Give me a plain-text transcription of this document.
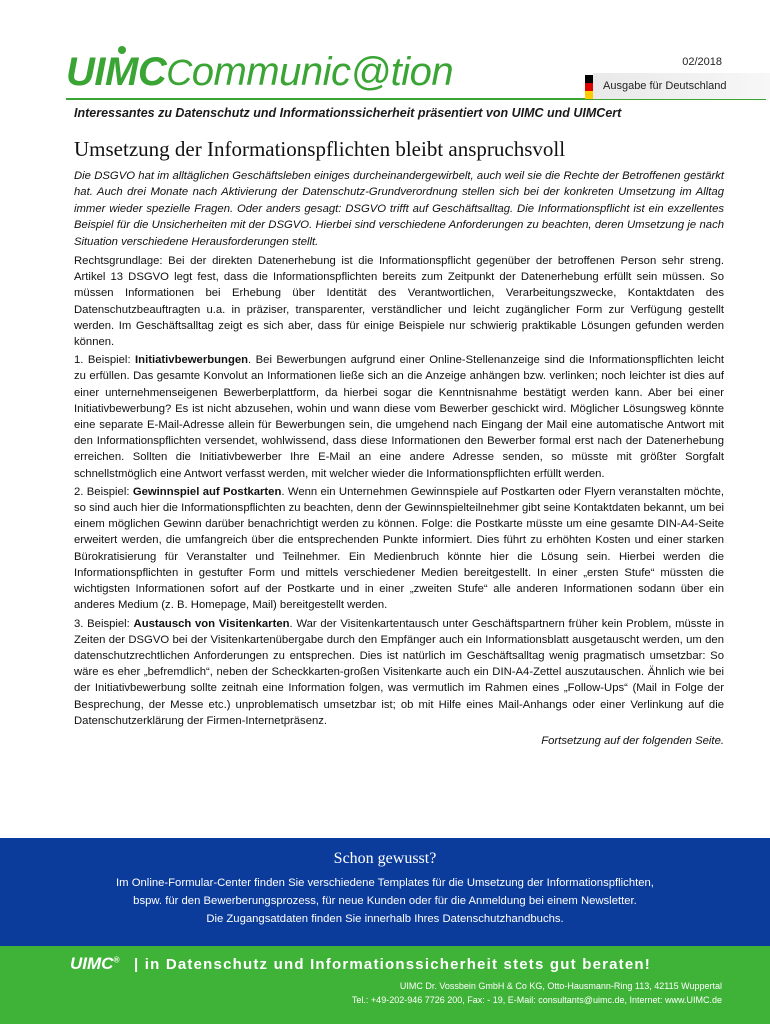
UIMCCommunic@tion	02/2018
Ausgabe für Deutschland
Interessantes zu Datenschutz und Informationssicherheit präsentiert von UIMC und UIMCert
Umsetzung der Informationspflichten bleibt anspruchsvoll
Die DSGVO hat im alltäglichen Geschäftsleben einiges durcheinandergewirbelt, auch weil sie die Rechte der Betroffenen gestärkt hat. Auch drei Monate nach Aktivierung der Datenschutz-Grundverordnung stellen sich bei der konkreten Umsetzung im Alltag immer wieder spezielle Fragen. Oder anders gesagt: DSGVO trifft auf Geschäftsalltag. Die Informationspflicht ist ein exzellentes Beispiel für die Unsicherheiten mit der DSGVO. Hierbei sind verschiedene Anforderungen zu beachten, deren Umsetzung je nach Situation verschiedene Herausforderungen stellt.

Rechtsgrundlage: Bei der direkten Datenerhebung ist die Informationspflicht gegenüber der betroffenen Person sehr streng. Artikel 13 DSGVO legt fest, dass die Informationspflichten bereits zum Zeitpunkt der Datenerhebung erfüllt sein müssen. So müssen Informationen bei Erhebung über Identität des Verantwortlichen, Verarbeitungszwecke, Kontaktdaten des Datenschutzbeauftragten u.a. in präziser, transparenter, verständlicher und leicht zugänglicher Form zur Verfügung gestellt werden. Im Geschäftsalltag zeigt es sich aber, dass für einige Beispiele nur schwierig praktikable Lösungen gefunden werden können.

1. Beispiel: Initiativbewerbungen. Bei Bewerbungen aufgrund einer Online-Stellenanzeige sind die Informationspflichten leicht zu erfüllen. Das gesamte Konvolut an Informationen ließe sich an die Anzeige anhängen bzw. verlinken; noch leichter ist dies auf einer unternehmenseigenen Bewerberplattform, da hierbei sogar die Kenntnisnahme bestätigt werden kann. Aber bei einer Initiativbewerbung? Es ist nicht abzusehen, wohin und wann diese vom Bewerber geschickt wird. Möglicher Lösungsweg könnte eine separate E-Mail-Adresse allein für Bewerbungen sein, die umgehend nach Eingang der Mail eine automatische Antwort mit den Informationspflichten versendet, wohlwissend, dass diese Informationen den Bewerber formal erst nach der Datenerhebung erreichen. Sollten die Initiativbewerber Ihre E-Mail an eine andere Adresse senden, so müsste mit größter Sorgfalt schnellstmöglich eine Antwort verfasst werden, mit welcher wieder die Informationspflichten erfüllt werden.

2. Beispiel: Gewinnspiel auf Postkarten. Wenn ein Unternehmen Gewinnspiele auf Postkarten oder Flyern veranstalten möchte, so sind auch hier die Informationspflichten zu beachten, denn der Gewinnspielteilnehmer gibt seine Kontaktdaten bekannt, um bei einem möglichen Gewinn darüber benachrichtigt werden zu können. Folge: die Postkarte müsste um eine gesamte DIN-A4-Seite erweitert werden, die umfangreich über die entsprechenden Punkte informiert. Dies führt zu erhöhten Kosten und einer starken Bürokratisierung für Veranstalter und Teilnehmer. Ein Medienbruch könnte hier die Lösung sein. Hierbei werden die Informationspflichten in gestufter Form und mittels verschiedener Medien bereitgestellt. In einer „ersten Stufe“ müssten die wichtigsten Informationen sofort auf der Postkarte und in einer „zweiten Stufe“ alle anderen Informationen sodann über ein anderes Medium (z. B. Homepage, Mail) bereitgestellt werden.

3. Beispiel: Austausch von Visitenkarten. War der Visitenkartentausch unter Geschäftspartnern früher kein Problem, müsste in Zeiten der DSGVO bei der Visitenkartenübergabe durch den Empfänger auch ein Informationsblatt ausgetauscht werden, um den datenschutzrechtlichen Anforderungen zu entsprechen. Dies ist natürlich im Geschäftsalltag wenig pragmatisch umsetzbar: So wäre es eher „befremdlich“, neben der Scheckkarten-großen Visitenkarte auch ein DIN-A4-Zettel auszutauschen. Ähnlich wie bei der Initiativbewerbung sollte zeitnah eine Information folgen, was vermutlich im Rahmen eines „Follow-Ups“ (Mail in Folge der Besprechung, der Messe etc.) unproblematisch umsetzbar ist; ob mit Hilfe eines Mail-Anhangs oder einer Verlinkung auf die Datenschutzerklärung der Firmen-Internetpräsenz.

Fortsetzung auf der folgenden Seite.
Schon gewusst?
Im Online-Formular-Center finden Sie verschiedene Templates für die Umsetzung der Informationspflichten,
bspw. für den Bewerberungsprozess, für neue Kunden oder für die Anmeldung bei einem Newsletter.
Die Zugangsatdaten finden Sie innerhalb Ihres Datenschutzhandbuchs.
UIMC® | in Datenschutz und Informationssicherheit stets gut beraten!
UIMC Dr. Vossbein GmbH & Co KG, Otto-Hausmann-Ring 113, 42115 Wuppertal
Tel.: +49-202-946 7726 200, Fax: - 19, E-Mail: consultants@uimc.de, Internet: www.UIMC.de
